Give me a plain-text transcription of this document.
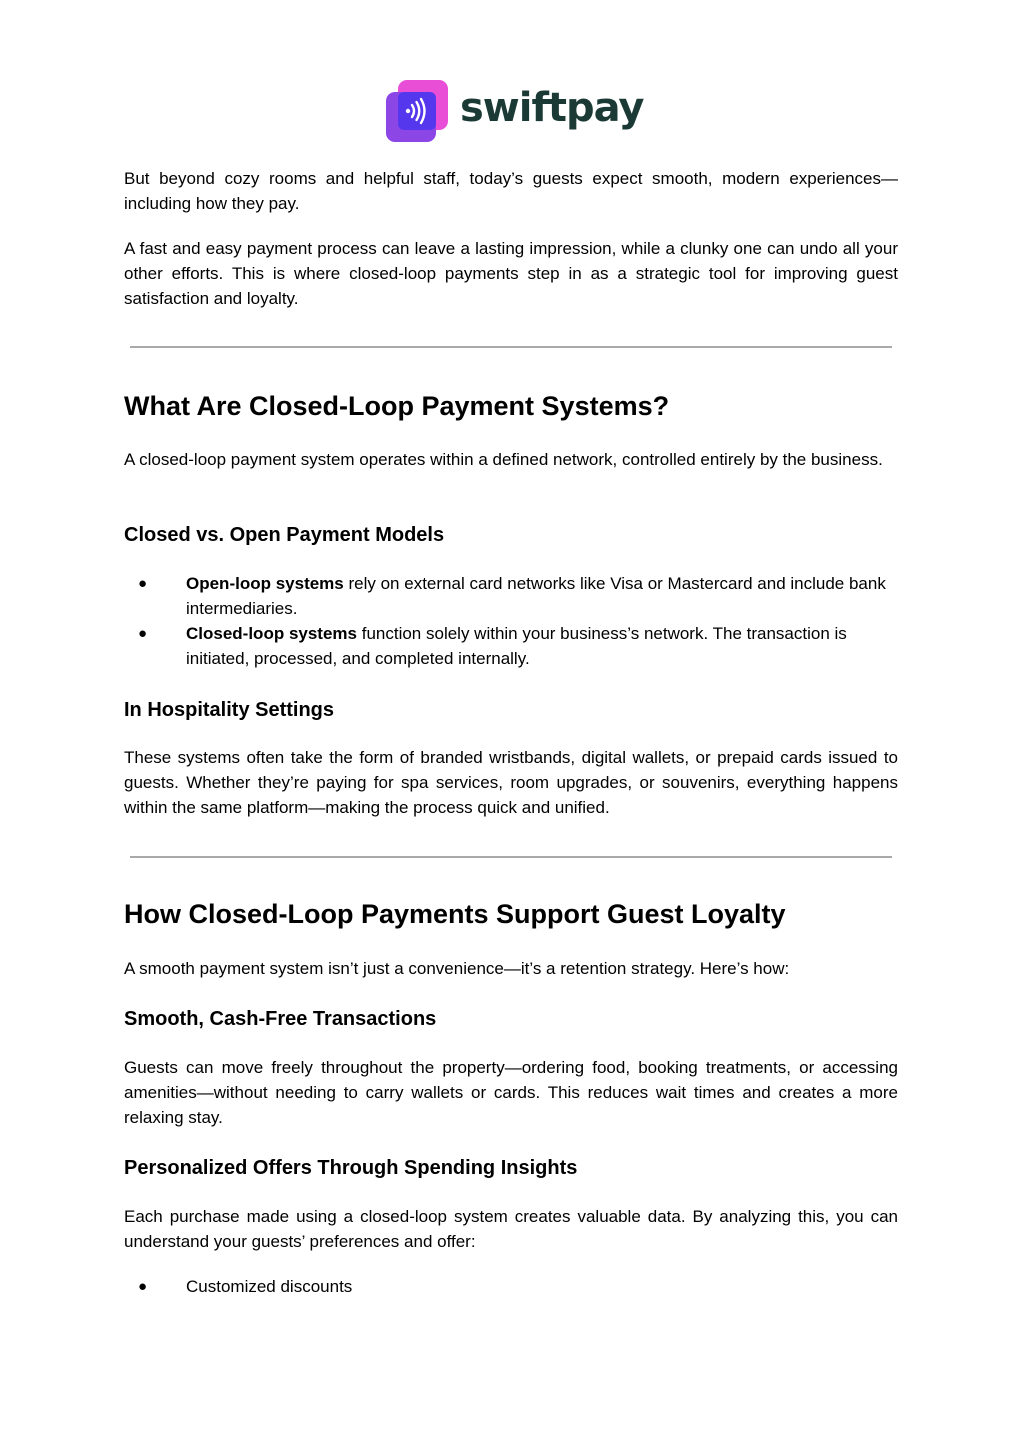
swiftpay

But beyond cozy rooms and helpful staff, today’s guests expect smooth, modern experiences—including how they pay.

A fast and easy payment process can leave a lasting impression, while a clunky one can undo all your other efforts. This is where closed-loop payments step in as a strategic tool for improving guest satisfaction and loyalty.

What Are Closed-Loop Payment Systems?

A closed-loop payment system operates within a defined network, controlled entirely by the business.

Closed vs. Open Payment Models
● Open-loop systems rely on external card networks like Visa or Mastercard and include bank intermediaries.
● Closed-loop systems function solely within your business’s network. The transaction is initiated, processed, and completed internally.
In Hospitality Settings

These systems often take the form of branded wristbands, digital wallets, or prepaid cards issued to guests. Whether they’re paying for spa services, room upgrades, or souvenirs, everything happens within the same platform—making the process quick and unified.

How Closed-Loop Payments Support Guest Loyalty

A smooth payment system isn’t just a convenience—it’s a retention strategy. Here’s how:

Smooth, Cash-Free Transactions

Guests can move freely throughout the property—ordering food, booking treatments, or accessing amenities—without needing to carry wallets or cards. This reduces wait times and creates a more relaxing stay.

Personalized Offers Through Spending Insights

Each purchase made using a closed-loop system creates valuable data. By analyzing this, you can understand your guests’ preferences and offer:

● Customized discounts
